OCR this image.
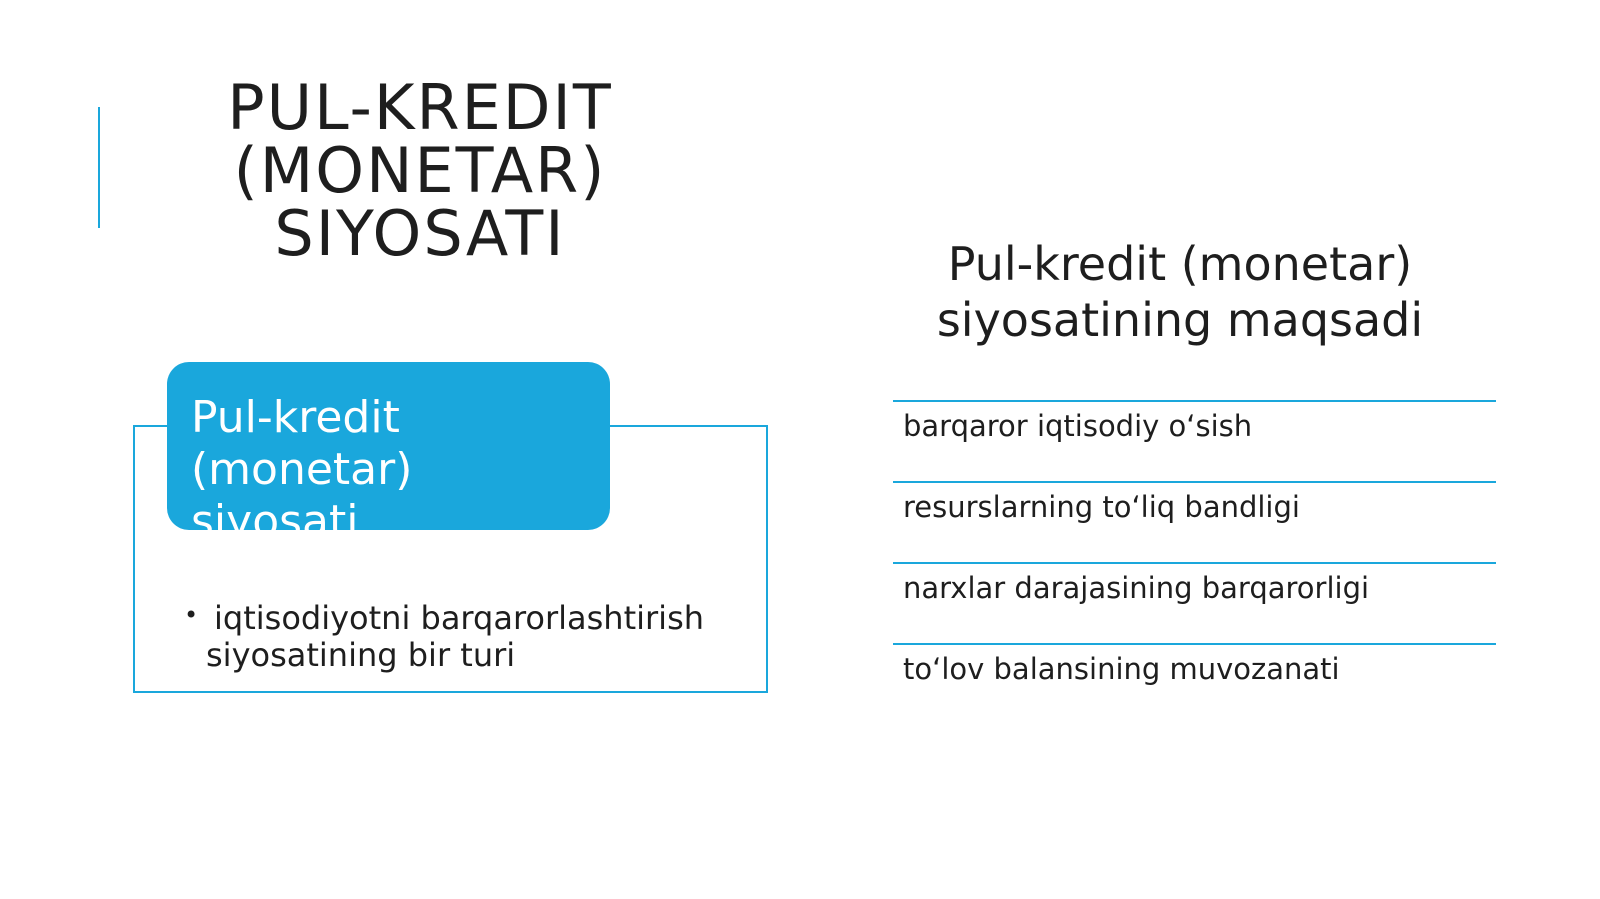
PUL-KREDIT
(MONETAR)
SIYOSATI
Pul-kredit
(monetar) siyosati
• iqtisodiyotni barqarorlashtirish
siyosatining bir turi
Pul-kredit (monetar)
siyosatining maqsadi
barqaror iqtisodiy o‘sish
resurslarning to‘liq bandligi
narxlar darajasining barqarorligi
to‘lov balansining muvozanati
